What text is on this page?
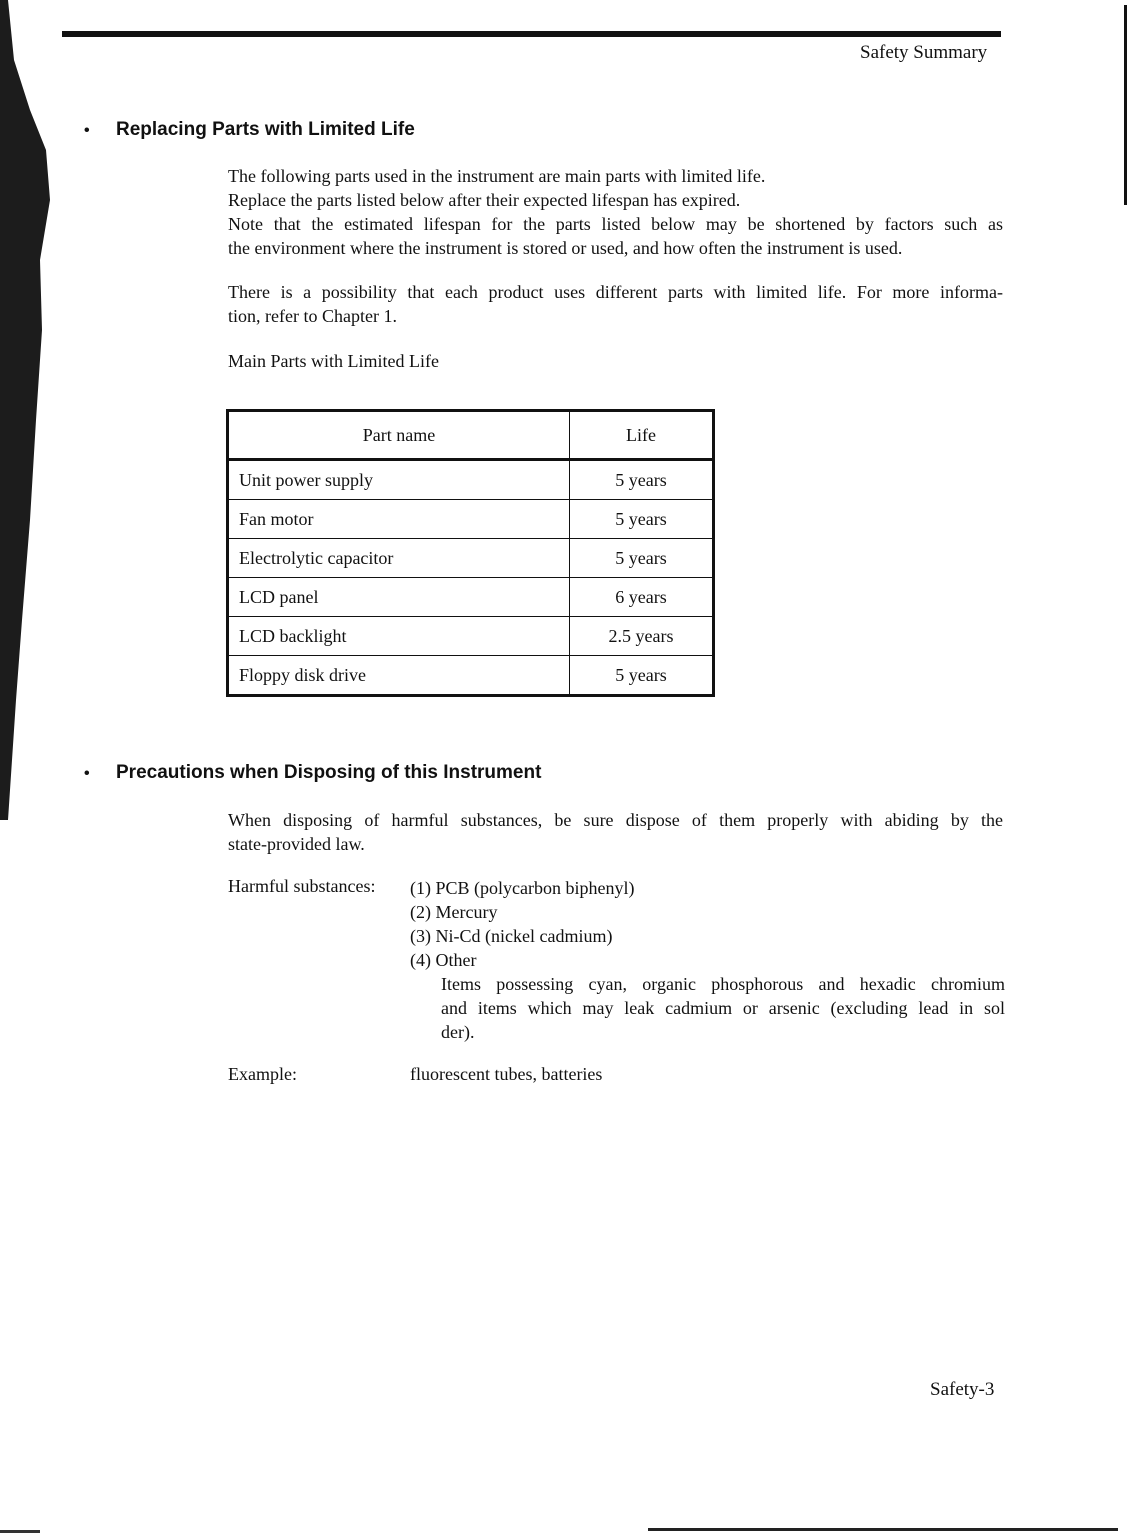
Safety Summary
• Replacing Parts with Limited Life
The following parts used in the instrument are main parts with limited life.
Replace the parts listed below after their expected lifespan has expired.
Note that the estimated lifespan for the parts listed below may be shortened by factors such as
the environment where the instrument is stored or used, and how often the instrument is used.
There is a possibility that each product uses different parts with limited life. For more informa-
tion, refer to Chapter 1.
Main Parts with Limited Life
Part name	Life
Unit power supply	5 years
Fan motor	5 years
Electrolytic capacitor	5 years
LCD panel	6 years
LCD backlight	2.5 years
Floppy disk drive	5 years
• Precautions when Disposing of this Instrument
When disposing of harmful substances, be sure dispose of them properly with abiding by the
state-provided law.
Harmful substances: (1) PCB (polycarbon biphenyl)
(2) Mercury
(3) Ni-Cd (nickel cadmium)
(4) Other
Items possessing cyan, organic phosphorous and hexadic chromium
and items which may leak cadmium or arsenic (excluding lead in sol
der).
Example:	fluorescent tubes, batteries
Safety-3
